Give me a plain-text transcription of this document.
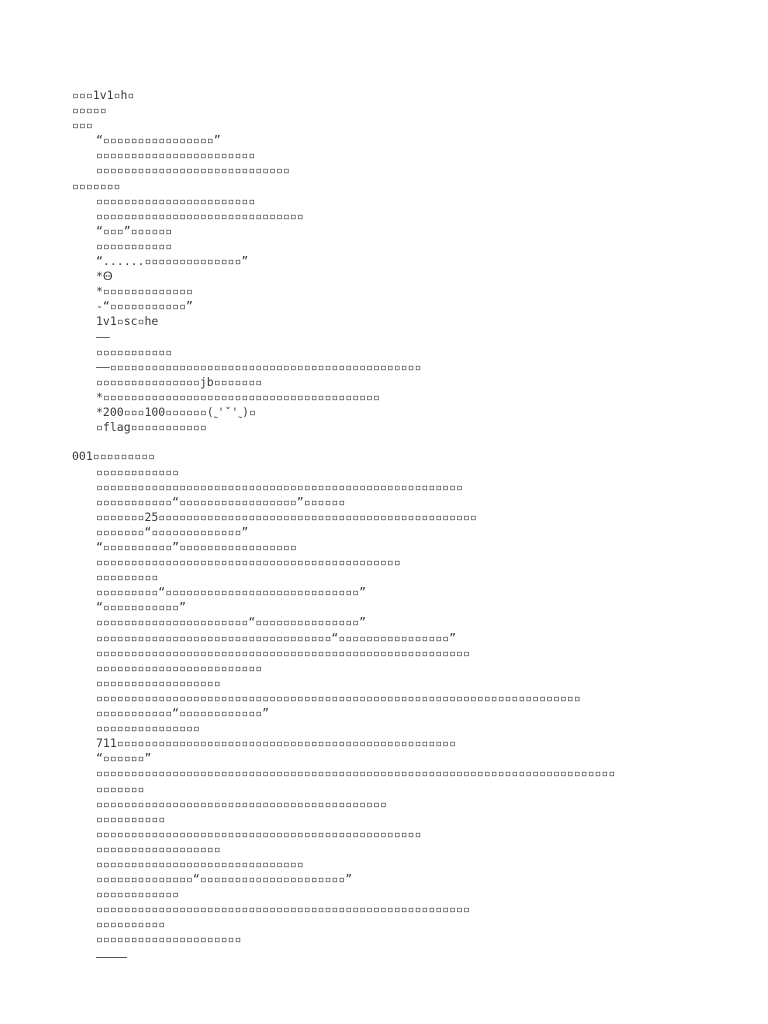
▫▫▫1v1▫h▫
▫▫▫▫▫
▫▫▫
“▫▫▫▫▫▫▫▫▫▫▫▫▫▫▫▫”
▫▫▫▫▫▫▫▫▫▫▫▫▫▫▫▫▫▫▫▫▫▫▫
▫▫▫▫▫▫▫▫▫▫▫▫▫▫▫▫▫▫▫▫▫▫▫▫▫▫▫▫
▫▫▫▫▫▫▫
▫▫▫▫▫▫▫▫▫▫▫▫▫▫▫▫▫▫▫▫▫▫▫
▫▫▫▫▫▫▫▫▫▫▫▫▫▫▫▫▫▫▫▫▫▫▫▫▫▫▫▫▫▫
“▫▫▫”▫▫▫▫▫▫
▫▫▫▫▫▫▫▫▫▫▫
“......▫▫▫▫▫▫▫▫▫▫▫▫▫▫”
*Ꙫ
*▫▫▫▫▫▫▫▫▫▫▫▫▫
-“▫▫▫▫▫▫▫▫▫▫▫”
1v1▫sc▫he
——
▫▫▫▫▫▫▫▫▫▫▫
——▫▫▫▫▫▫▫▫▫▫▫▫▫▫▫▫▫▫▫▫▫▫▫▫▫▫▫▫▫▫▫▫▫▫▫▫▫▫▫▫▫▫▫▫▫
▫▫▫▫▫▫▫▫▫▫▫▫▫▫▫jb▫▫▫▫▫▫▫
*▫▫▫▫▫▫▫▫▫▫▫▫▫▫▫▫▫▫▫▫▫▫▫▫▫▫▫▫▫▫▫▫▫▫▫▫▫▫▫▫
*200▫▫▫100▫▫▫▫▫▫(˷'ˇ'˷)▫
▫flag▫▫▫▫▫▫▫▫▫▫▫
001▫▫▫▫▫▫▫▫▫
▫▫▫▫▫▫▫▫▫▫▫▫
▫▫▫▫▫▫▫▫▫▫▫▫▫▫▫▫▫▫▫▫▫▫▫▫▫▫▫▫▫▫▫▫▫▫▫▫▫▫▫▫▫▫▫▫▫▫▫▫▫▫▫▫▫
▫▫▫▫▫▫▫▫▫▫▫“▫▫▫▫▫▫▫▫▫▫▫▫▫▫▫▫▫”▫▫▫▫▫▫
▫▫▫▫▫▫▫25▫▫▫▫▫▫▫▫▫▫▫▫▫▫▫▫▫▫▫▫▫▫▫▫▫▫▫▫▫▫▫▫▫▫▫▫▫▫▫▫▫▫▫▫▫▫
▫▫▫▫▫▫▫“▫▫▫▫▫▫▫▫▫▫▫▫▫”
“▫▫▫▫▫▫▫▫▫▫”▫▫▫▫▫▫▫▫▫▫▫▫▫▫▫▫▫
▫▫▫▫▫▫▫▫▫▫▫▫▫▫▫▫▫▫▫▫▫▫▫▫▫▫▫▫▫▫▫▫▫▫▫▫▫▫▫▫▫▫▫▫
▫▫▫▫▫▫▫▫▫
▫▫▫▫▫▫▫▫▫“▫▫▫▫▫▫▫▫▫▫▫▫▫▫▫▫▫▫▫▫▫▫▫▫▫▫▫▫”
“▫▫▫▫▫▫▫▫▫▫▫”
▫▫▫▫▫▫▫▫▫▫▫▫▫▫▫▫▫▫▫▫▫▫“▫▫▫▫▫▫▫▫▫▫▫▫▫▫▫”
▫▫▫▫▫▫▫▫▫▫▫▫▫▫▫▫▫▫▫▫▫▫▫▫▫▫▫▫▫▫▫▫▫▫“▫▫▫▫▫▫▫▫▫▫▫▫▫▫▫▫”
▫▫▫▫▫▫▫▫▫▫▫▫▫▫▫▫▫▫▫▫▫▫▫▫▫▫▫▫▫▫▫▫▫▫▫▫▫▫▫▫▫▫▫▫▫▫▫▫▫▫▫▫▫▫
▫▫▫▫▫▫▫▫▫▫▫▫▫▫▫▫▫▫▫▫▫▫▫▫
▫▫▫▫▫▫▫▫▫▫▫▫▫▫▫▫▫▫
▫▫▫▫▫▫▫▫▫▫▫▫▫▫▫▫▫▫▫▫▫▫▫▫▫▫▫▫▫▫▫▫▫▫▫▫▫▫▫▫▫▫▫▫▫▫▫▫▫▫▫▫▫▫▫▫▫▫▫▫▫▫▫▫▫▫▫▫▫▫
▫▫▫▫▫▫▫▫▫▫▫“▫▫▫▫▫▫▫▫▫▫▫▫”
▫▫▫▫▫▫▫▫▫▫▫▫▫▫▫
711▫▫▫▫▫▫▫▫▫▫▫▫▫▫▫▫▫▫▫▫▫▫▫▫▫▫▫▫▫▫▫▫▫▫▫▫▫▫▫▫▫▫▫▫▫▫▫▫▫
“▫▫▫▫▫▫”
▫▫▫▫▫▫▫▫▫▫▫▫▫▫▫▫▫▫▫▫▫▫▫▫▫▫▫▫▫▫▫▫▫▫▫▫▫▫▫▫▫▫▫▫▫▫▫▫▫▫▫▫▫▫▫▫▫▫▫▫▫▫▫▫▫▫▫▫▫▫▫▫▫▫▫
▫▫▫▫▫▫▫
▫▫▫▫▫▫▫▫▫▫▫▫▫▫▫▫▫▫▫▫▫▫▫▫▫▫▫▫▫▫▫▫▫▫▫▫▫▫▫▫▫▫
▫▫▫▫▫▫▫▫▫▫
▫▫▫▫▫▫▫▫▫▫▫▫▫▫▫▫▫▫▫▫▫▫▫▫▫▫▫▫▫▫▫▫▫▫▫▫▫▫▫▫▫▫▫▫▫▫▫
▫▫▫▫▫▫▫▫▫▫▫▫▫▫▫▫▫▫
▫▫▫▫▫▫▫▫▫▫▫▫▫▫▫▫▫▫▫▫▫▫▫▫▫▫▫▫▫▫
▫▫▫▫▫▫▫▫▫▫▫▫▫▫“▫▫▫▫▫▫▫▫▫▫▫▫▫▫▫▫▫▫▫▫▫”
▫▫▫▫▫▫▫▫▫▫▫▫
▫▫▫▫▫▫▫▫▫▫▫▫▫▫▫▫▫▫▫▫▫▫▫▫▫▫▫▫▫▫▫▫▫▫▫▫▫▫▫▫▫▫▫▫▫▫▫▫▫▫▫▫▫▫
▫▫▫▫▫▫▫▫▫▫
▫▫▫▫▫▫▫▫▫▫▫▫▫▫▫▫▫▫▫▫▫
